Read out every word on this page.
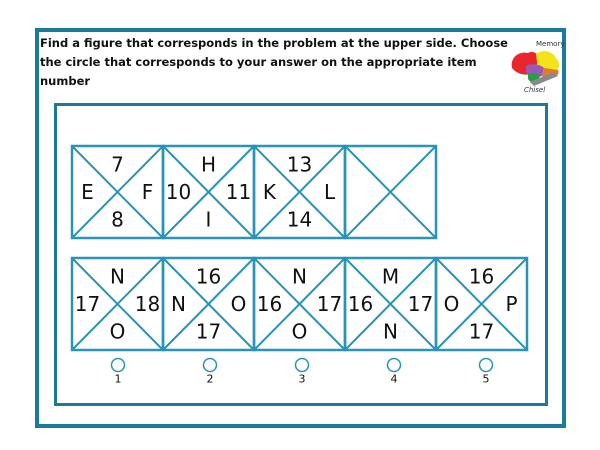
Find a figure that corresponds in the problem at the upper side. Choose
the circle that corresponds to your answer on the appropriate item number
Memory
Chisel
7
E F
8
H
10 11
I
13
K L
14
N
17 18
O
16
N O
17
N
16 17
O
M
16 17
N
16
O P
17
1	2	3	4	5
